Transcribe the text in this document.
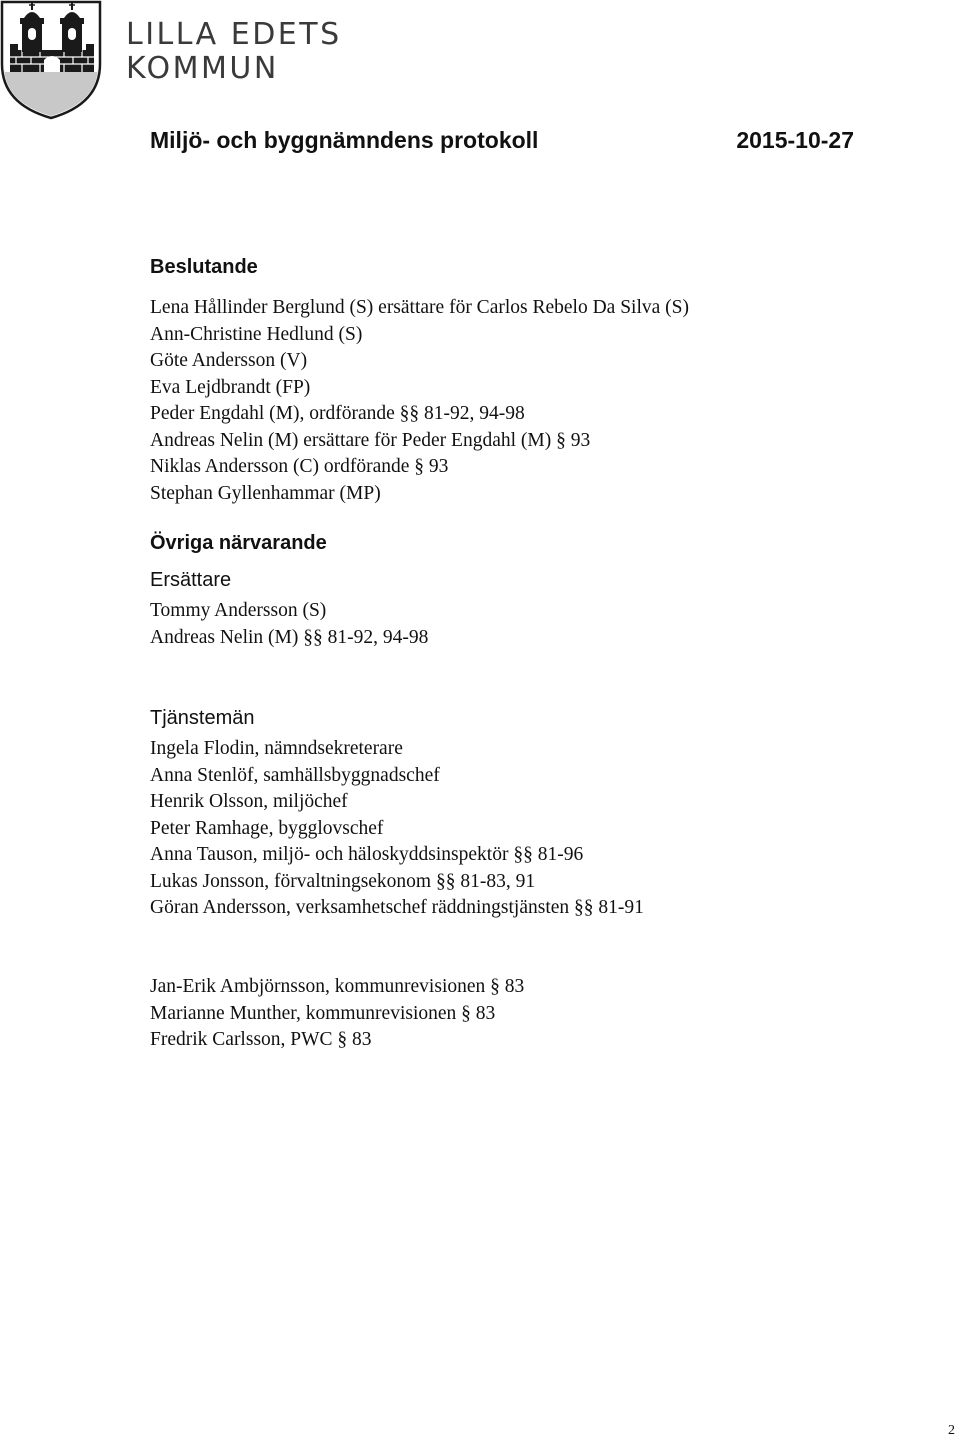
LILLA EDETS
KOMMUN
Miljö- och byggnämndens protokoll	2015-10-27
Beslutande
Lena Hållinder Berglund (S) ersättare för Carlos Rebelo Da Silva (S)
Ann-Christine Hedlund (S)
Göte Andersson (V)
Eva Lejdbrandt (FP)
Peder Engdahl (M), ordförande §§ 81-92, 94-98
Andreas Nelin (M) ersättare för Peder Engdahl (M) § 93
Niklas Andersson (C) ordförande § 93
Stephan Gyllenhammar (MP)
Övriga närvarande
Ersättare
Tommy Andersson (S)
Andreas Nelin (M) §§ 81-92, 94-98
Tjänstemän
Ingela Flodin, nämndsekreterare
Anna Stenlöf, samhällsbyggnadschef
Henrik Olsson, miljöchef
Peter Ramhage, bygglovschef
Anna Tauson, miljö- och häloskyddsinspektör §§ 81-96
Lukas Jonsson, förvaltningsekonom §§ 81-83, 91
Göran Andersson, verksamhetschef räddningstjänsten §§ 81-91
Jan-Erik Ambjörnsson, kommunrevisionen § 83
Marianne Munther, kommunrevisionen § 83
Fredrik Carlsson, PWC § 83
2
